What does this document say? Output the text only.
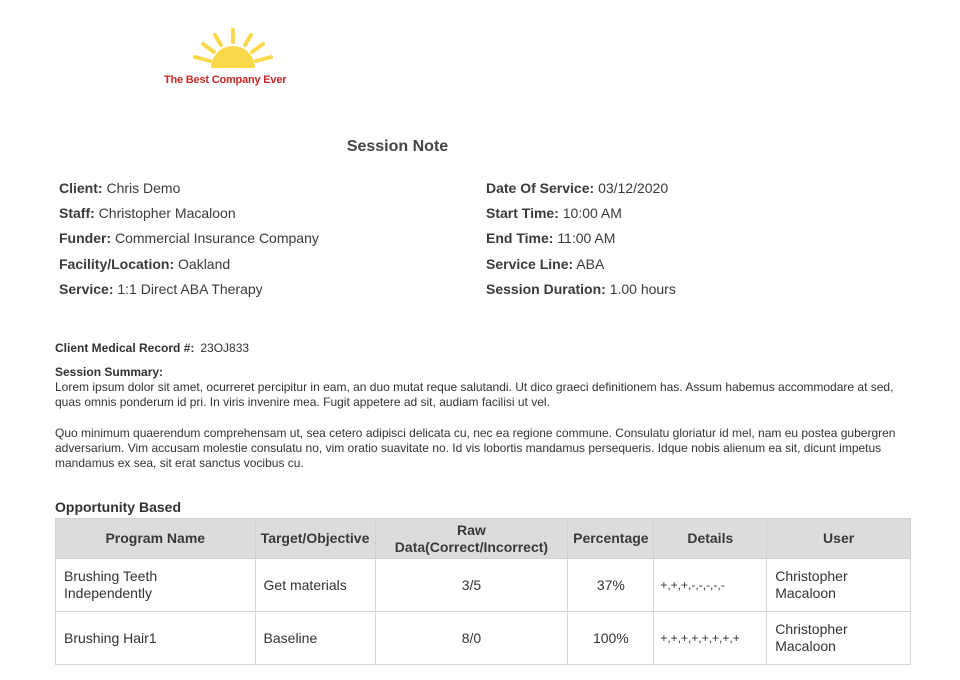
The Best Company Ever
Session Note
Client: Chris Demo
Staff: Christopher Macaloon
Funder: Commercial Insurance Company
Facility/Location: Oakland
Service: 1:1 Direct ABA Therapy
Date Of Service: 03/12/2020
Start Time: 10:00 AM
End Time: 11:00 AM
Service Line: ABA
Session Duration: 1.00 hours
Client Medical Record #: 23OJ833
Session Summary:

Lorem ipsum dolor sit amet, ocurreret percipitur in eam, an duo mutat reque salutandi. Ut dico graeci definitionem has. Assum habemus accommodare at sed, quas omnis ponderum id pri. In viris invenire mea. Fugit appetere ad sit, audiam facilisi ut vel.

Quo minimum quaerendum comprehensam ut, sea cetero adipisci delicata cu, nec ea regione commune. Consulatu gloriatur id mel, nam eu postea gubergren adversarium. Vim accusam molestie consulatu no, vim oratio suavitate no. Id vis lobortis mandamus persequeris. Idque nobis alienum ea sit, dicunt impetus mandamus ex sea, sit erat sanctus vocibus cu.

Opportunity Based
Program Name	Target/Objective	Raw Data(Correct/Incorrect)	Percentage	Details	User
Brushing Teeth Independently	Get materials	3/5	37%	+,+,+,-,-,-,-,-	Christopher Macaloon
Brushing Hair1	Baseline	8/0	100%	+,+,+,+,+,+,+,+	Christopher Macaloon
